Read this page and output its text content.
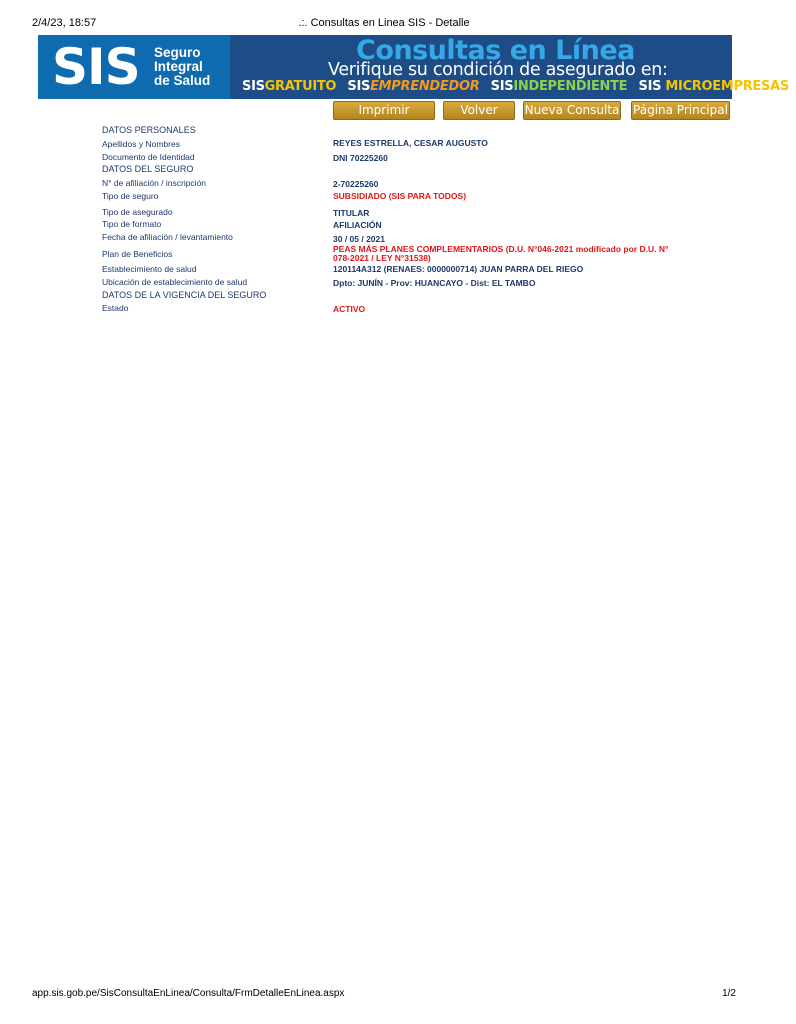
2/4/23, 18:57	.:. Consultas en Linea SIS - Detalle
SIS Seguro
Integral
de Salud
Consultas en Línea
Verifique su condición de asegurado en:
SISGRATUITO SISEMPRENDEDOR SISINDEPENDIENTE SIS MICROEMPRESAS
Imprimir	Volver	Nueva Consulta Página Principal
DATOS PERSONALES
Apellidos y Nombres	REYES ESTRELLA, CESAR AUGUSTO
Documento de Identidad	DNI 70225260
DATOS DEL SEGURO
N° de afiliación / inscripción	2-70225260
Tipo de seguro	SUBSIDIADO (SIS PARA TODOS)
Tipo de asegurado	TITULAR
Tipo de formato	AFILIACIÓN
Fecha de afiliación / levantamiento	30 / 05 / 2021
Plan de Beneficios	PEAS MÁS PLANES COMPLEMENTARIOS (D.U. N°046-2021 modificado por D.U. N° 078-2021 / LEY N°31538)
Establecimiento de salud	120114A312 (RENAES: 0000000714) JUAN PARRA DEL RIEGO
Ubicación de establecimiento de salud	Dpto: JUNÍN - Prov: HUANCAYO - Dist: EL TAMBO
DATOS DE LA VIGENCIA DEL SEGURO
Estado	ACTIVO
app.sis.gob.pe/SisConsultaEnLinea/Consulta/FrmDetalleEnLinea.aspx	1/2
